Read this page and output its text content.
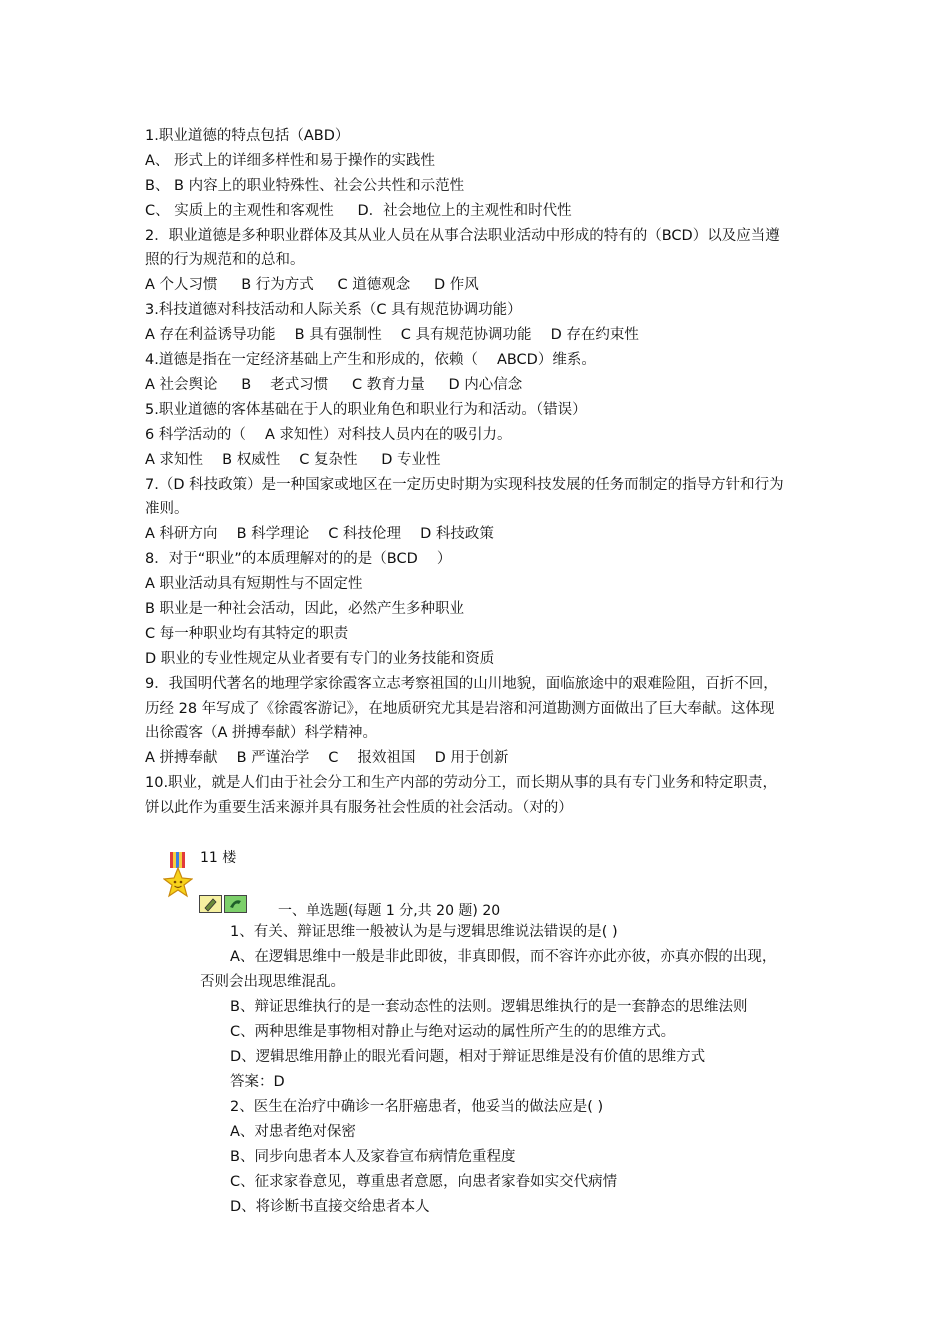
1.职业道德的特点包括（ABD）
A、 形式上的详细多样性和易于操作的实践性
B、 B 内容上的职业特殊性、社会公共性和示范性
C、 实质上的主观性和客观性 　 D．社会地位上的主观性和时代性
2．职业道德是多种职业群体及其从业人员在从事合法职业活动中形成的特有的（BCD）以及应当遵
照的行为规范和的总和。
A 个人习惯 　 B 行为方式 　 C 道德观念 　 D 作风
3.科技道德对科技活动和人际关系（C 具有规范协调功能）
A 存在利益诱导功能 　B 具有强制性 　C 具有规范协调功能 　D 存在约束性
4.道德是指在一定经济基础上产生和形成的，依赖（ 　ABCD）维系。
A 社会舆论 　 B 　老式习惯 　 C 教育力量 　 D 内心信念
5.职业道德的客体基础在于人的职业角色和职业行为和活动。（错误）
6 科学活动的（ 　A 求知性）对科技人员内在的吸引力。
A 求知性 　B 权威性 　C 复杂性 　 D 专业性
7.（D 科技政策）是一种国家或地区在一定历史时期为实现科技发展的任务而制定的指导方针和行为
准则。
A 科研方向 　B 科学理论 　C 科技伦理 　D 科技政策
8．对于“职业”的本质理解对的的是（BCD 　）
A 职业活动具有短期性与不固定性
B 职业是一种社会活动，因此，必然产生多种职业
C 每一种职业均有其特定的职责
D 职业的专业性规定从业者要有专门的业务技能和资质
9．我国明代著名的地理学家徐霞客立志考察祖国的山川地貌，面临旅途中的艰难险阻，百折不回，
历经 28 年写成了《徐霞客游记》，在地质研究尤其是岩溶和河道勘测方面做出了巨大奉献。这体现
出徐霞客（A 拼搏奉献）科学精神。
A 拼搏奉献 　B 严谨治学 　C 　报效祖国 　D 用于创新
10.职业，就是人们由于社会分工和生产内部的劳动分工，而长期从事的具有专门业务和特定职责，
饼以此作为重要生活来源并具有服务社会性质的社会活动。（对的）
11 楼
一、单选题(每题 1 分,共 20 题) 20
1、有关、辩证思维一般被认为是与逻辑思维说法错误的是( )
A、在逻辑思维中一般是非此即彼，非真即假，而不容许亦此亦彼，亦真亦假的出现，
否则会出现思维混乱。
B、辩证思维执行的是一套动态性的法则。逻辑思维执行的是一套静态的思维法则
C、两种思维是事物相对静止与绝对运动的属性所产生的的思维方式。
D、逻辑思维用静止的眼光看问题，相对于辩证思维是没有价值的思维方式
答案：D
2、医生在治疗中确诊一名肝癌患者，他妥当的做法应是( )
A、对患者绝对保密
B、同步向患者本人及家眷宣布病情危重程度
C、征求家眷意见，尊重患者意愿，向患者家眷如实交代病情
D、将诊断书直接交给患者本人
